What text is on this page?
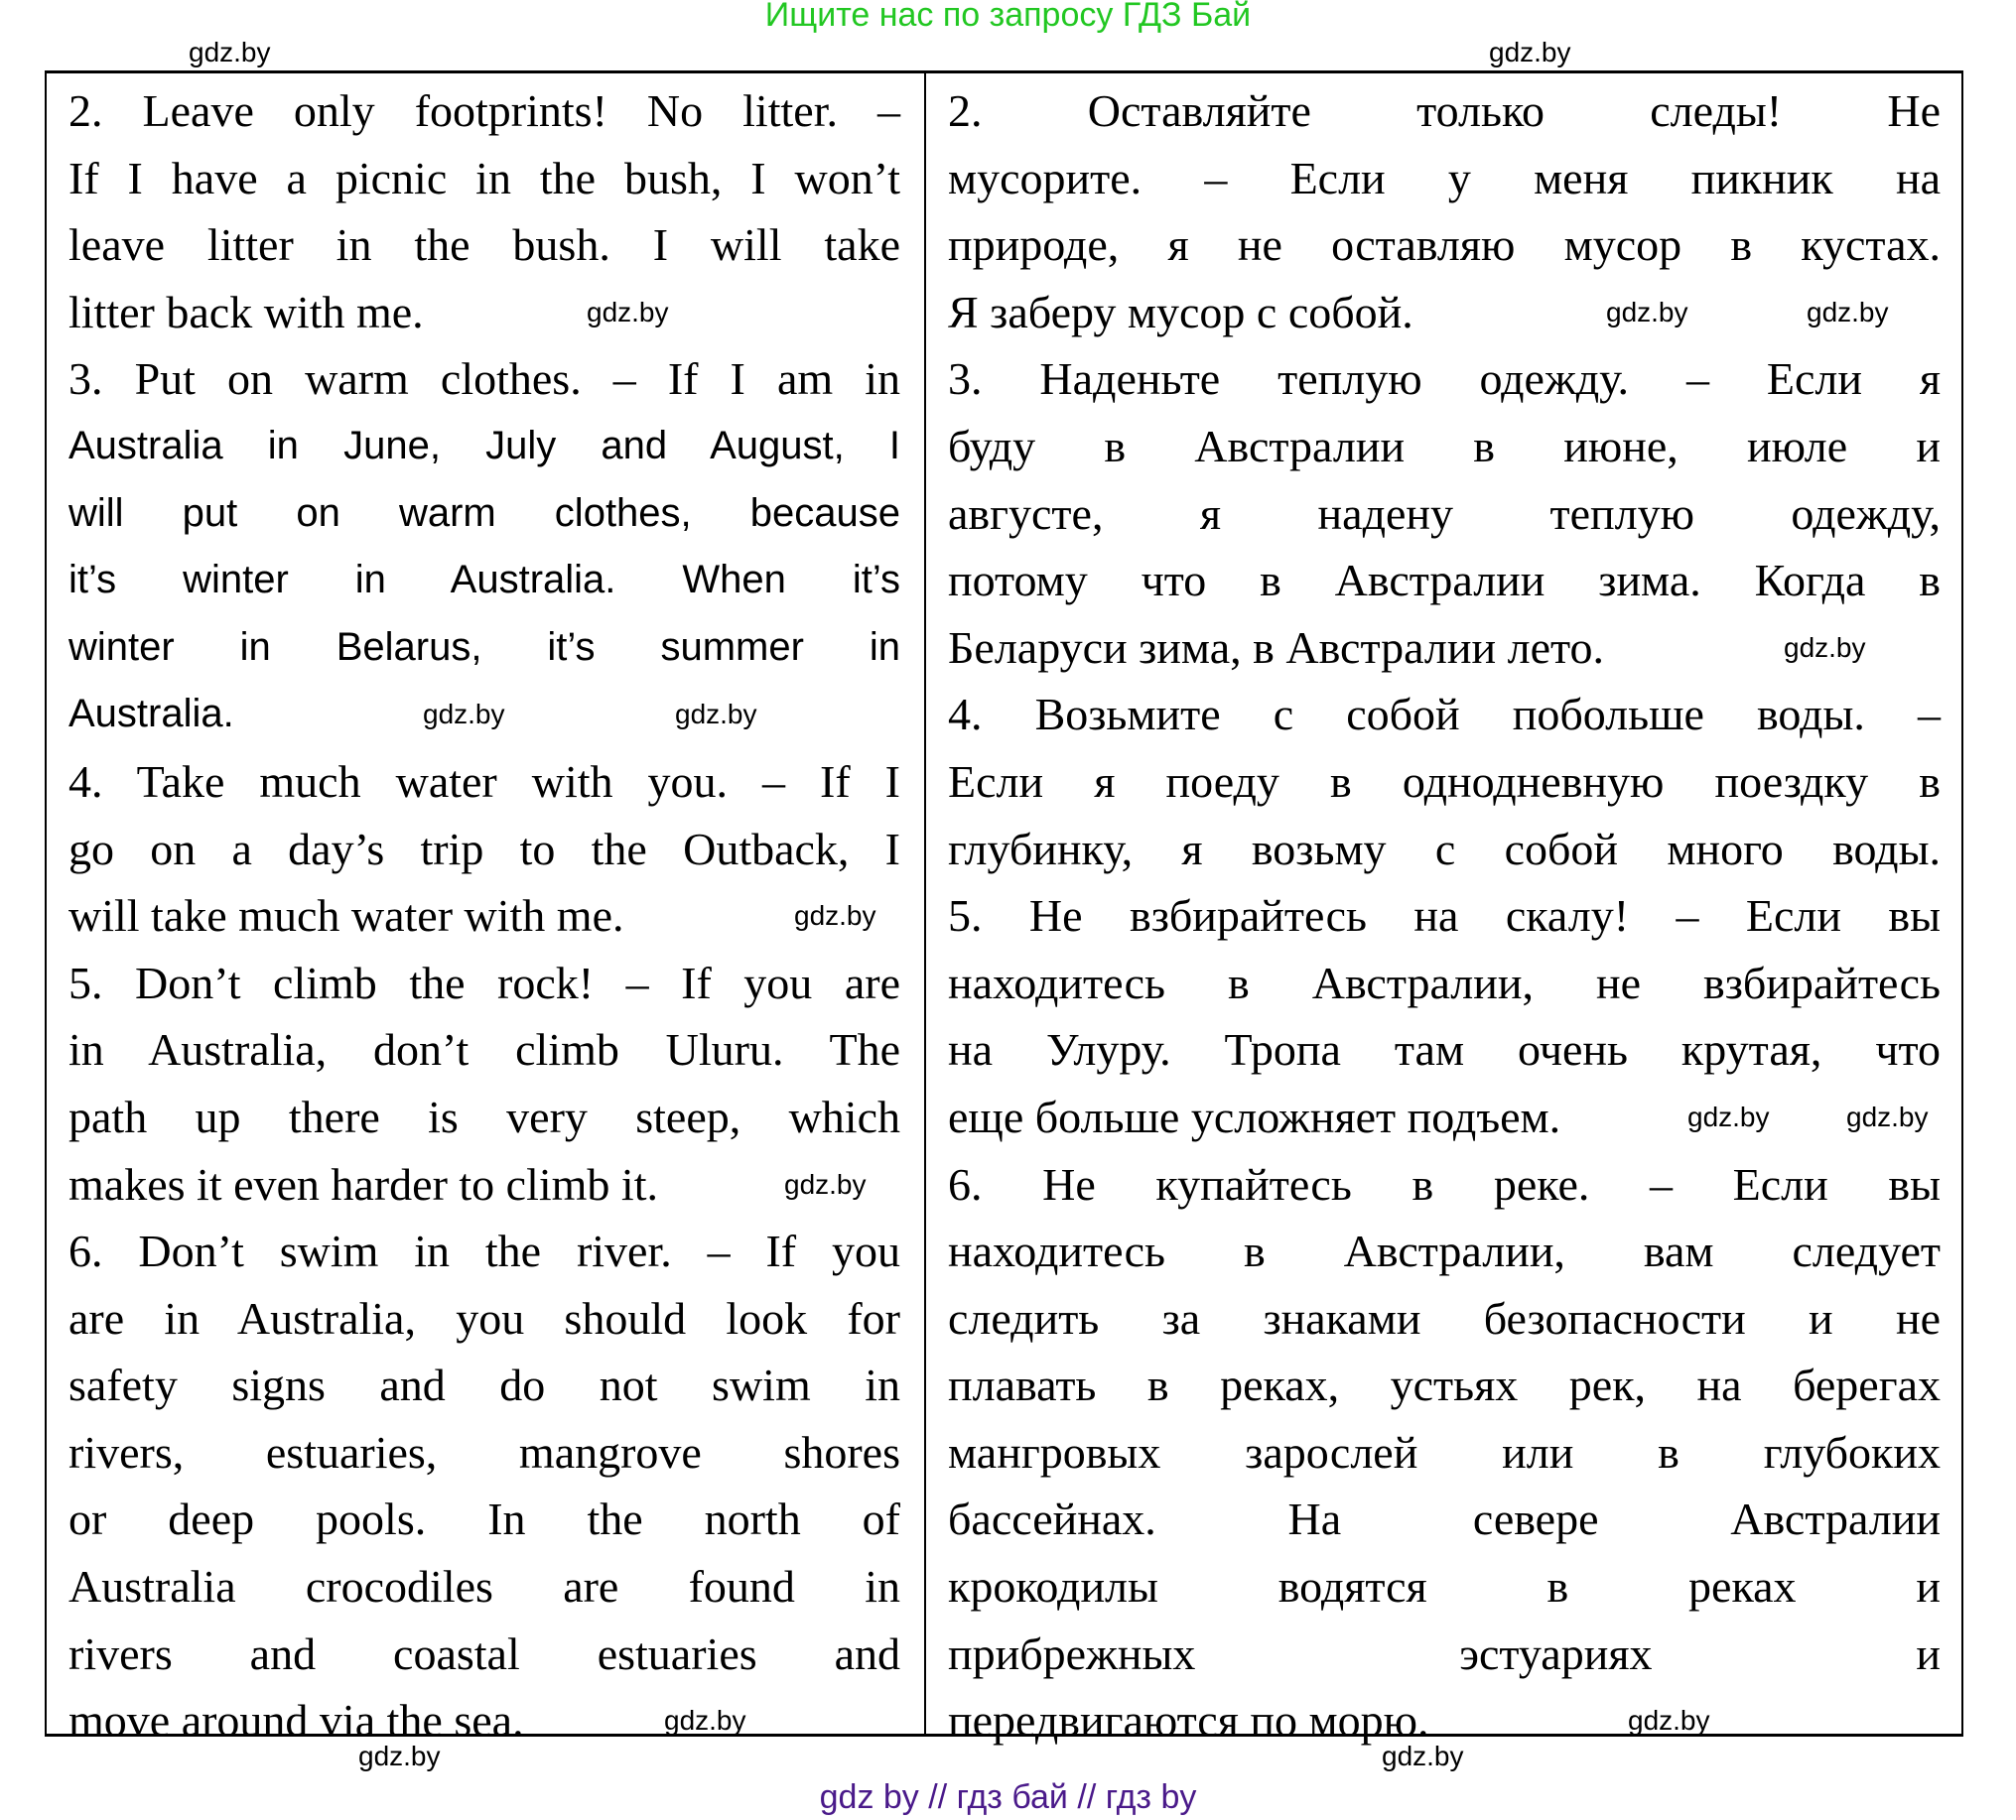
Ищите нас по запросу ГДЗ Бай
2. Leave only footprints! No litter. –
If I have a picnic in the bush, I won’t
leave litter in the bush. I will take
litter back with me.
3. Put on warm clothes. – If I am in
Australia in June, July and August, I
will put on warm clothes, because
it’s winter in Australia. When it’s
winter in Belarus, it’s summer in
Australia.
4. Take much water with you. – If I
go on a day’s trip to the Outback, I
will take much water with me.
5. Don’t climb the rock! – If you are
in Australia, don’t climb Uluru. The
path up there is very steep, which
makes it even harder to climb it.
6. Don’t swim in the river. – If you
are in Australia, you should look for
safety signs and do not swim in
rivers, estuaries, mangrove shores
or deep pools. In the north of
Australia crocodiles are found in
rivers and coastal estuaries and
move around via the sea.
2. Оставляйте только следы! Не
мусорите. – Если у меня пикник на
природе, я не оставляю мусор в кустах.
Я заберу мусор с собой.
3. Наденьте теплую одежду. – Если я
буду в Австралии в июне, июле и
августе, я надену теплую одежду,
потому что в Австралии зима. Когда в
Беларуси зима, в Австралии лето.
4. Возьмите с собой побольше воды. –
Если я поеду в однодневную поездку в
глубинку, я возьму с собой много воды.
5. Не взбирайтесь на скалу! – Если вы
находитесь в Австралии, не взбирайтесь
на Улуру. Тропа там очень крутая, что
еще больше усложняет подъем.
6. Не купайтесь в реке. – Если вы
находитесь в Австралии, вам следует
следить за знаками безопасности и не
плавать в реках, устьях рек, на берегах
мангровых зарослей или в глубоких
бассейнах. На севере Австралии
крокодилы водятся в реках и
прибрежных эстуариях и
передвигаются по морю.
gdz.by	gdz.by
gdz.by
gdz.by	gdz.by
gdz.by
gdz.by
gdz.by
gdz.by	gdz.by
gdz.by
gdz.by	gdz.by
gdz.by
gdz.by	gdz.by
gdz by // гдз бай // гдз by
